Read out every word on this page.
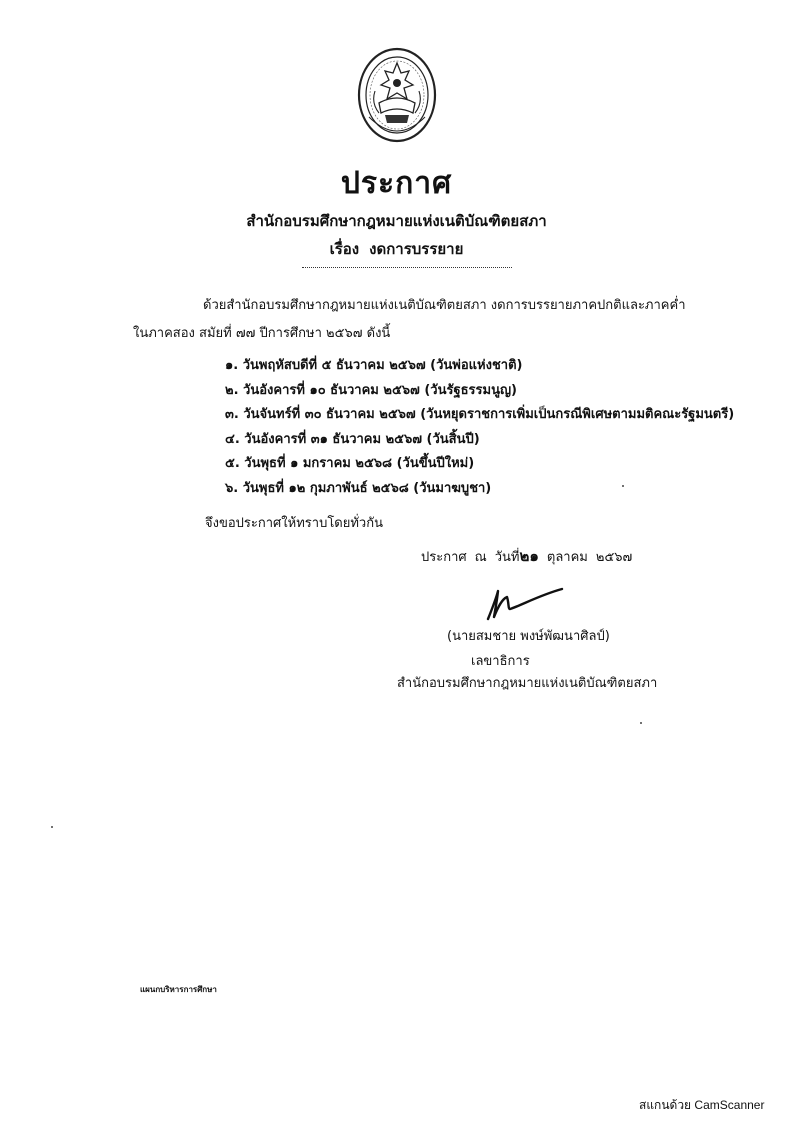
ประกาศ
สำนักอบรมศึกษากฎหมายแห่งเนติบัณฑิตยสภา
เรื่อง งดการบรรยาย
ด้วยสำนักอบรมศึกษากฎหมายแห่งเนติบัณฑิตยสภา งดการบรรยายภาคปกติและภาคค่ำ
ในภาคสอง สมัยที่ ๗๗ ปีการศึกษา ๒๕๖๗ ดังนี้
๑. วันพฤหัสบดีที่ ๕ ธันวาคม ๒๕๖๗ (วันพ่อแห่งชาติ)
๒. วันอังคารที่ ๑๐ ธันวาคม ๒๕๖๗ (วันรัฐธรรมนูญ)
๓. วันจันทร์ที่ ๓๐ ธันวาคม ๒๕๖๗ (วันหยุดราชการเพิ่มเป็นกรณีพิเศษตามมติคณะรัฐมนตรี)
๔. วันอังคารที่ ๓๑ ธันวาคม ๒๕๖๗ (วันสิ้นปี)
๕. วันพุธที่ ๑ มกราคม ๒๕๖๘ (วันขึ้นปีใหม่)
๖. วันพุธที่ ๑๒ กุมภาพันธ์ ๒๕๖๘ (วันมาฆบูชา)
จึงขอประกาศให้ทราบโดยทั่วกัน
ประกาศ ณ วันที่๒๑ ตุลาคม ๒๕๖๗
(นายสมชาย พงษ์พัฒนาศิลป์)
เลขาธิการ
สำนักอบรมศึกษากฎหมายแห่งเนติบัณฑิตยสภา
แผนกบริหารการศึกษา
สแกนด้วย CamScanner
